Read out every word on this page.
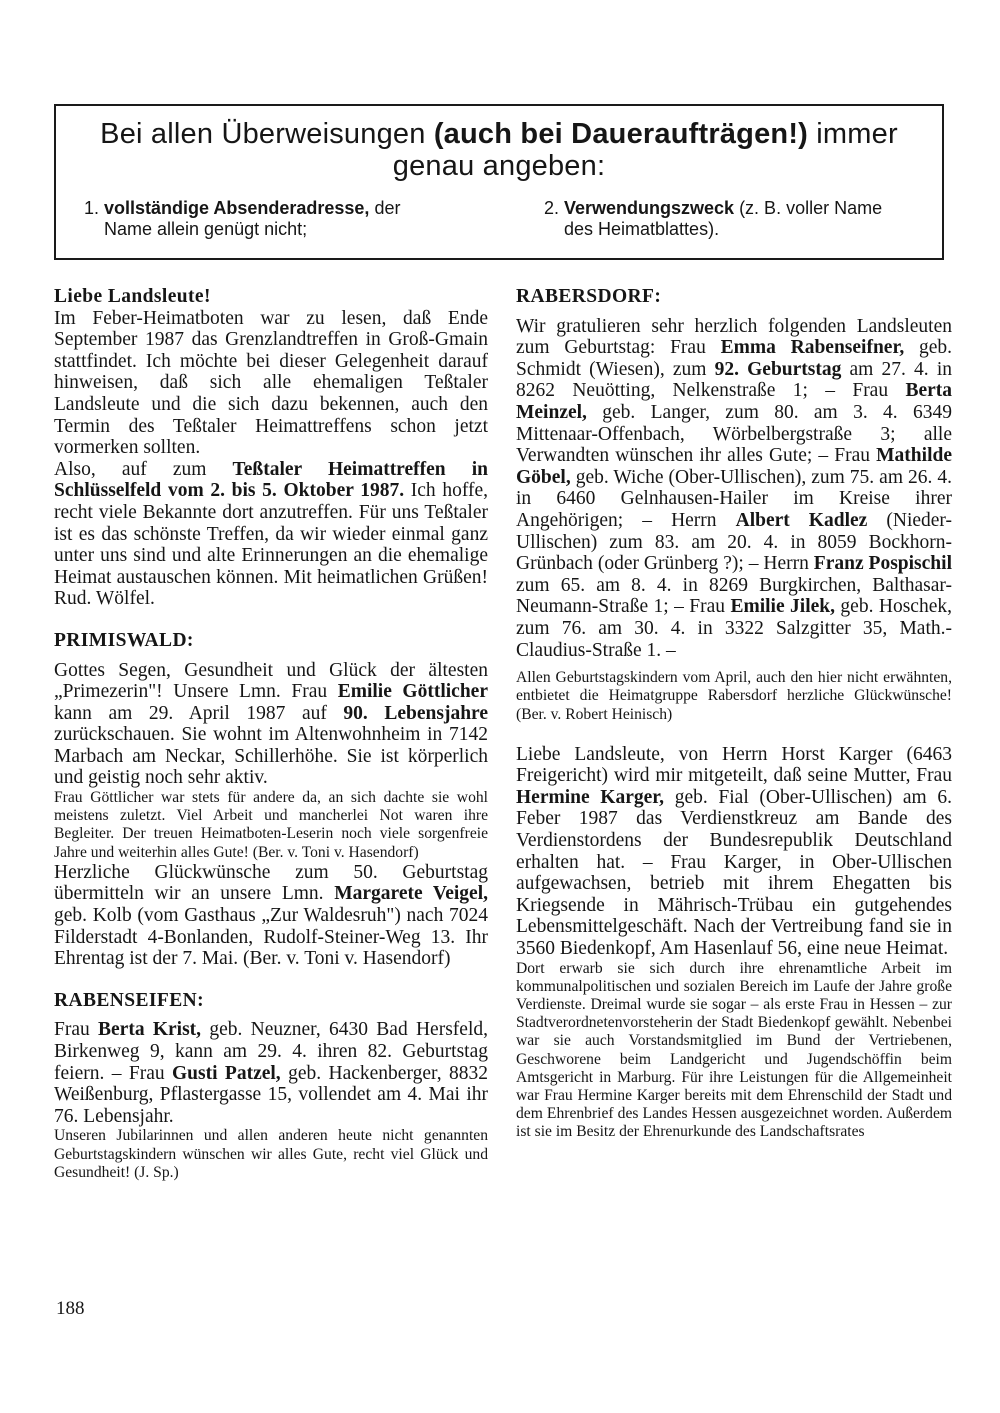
Bei allen Überweisungen (auch bei Daueraufträgen!) immer genau angeben:
1. vollständige Absenderadresse, der
Name allein genügt nicht;
2. Verwendungszweck (z. B. voller Name
des Heimatblattes).

Liebe Landsleute!

Im Feber-Heimatboten war zu lesen, daß Ende September 1987 das Grenzlandtreffen in Groß-Gmain stattfindet. Ich möchte bei dieser Gelegenheit darauf hinweisen, daß sich alle ehemaligen Teßtaler Landsleute und die sich dazu bekennen, auch den Termin des Teßtaler Heimattreffens schon jetzt vormerken sollten.

Also, auf zum Teßtaler Heimattreffen in Schlüsselfeld vom 2. bis 5. Oktober 1987. Ich hoffe, recht viele Bekannte dort anzutreffen. Für uns Teßtaler ist es das schönste Treffen, da wir wieder einmal ganz unter uns sind und alte Erinnerungen an die ehemalige Heimat austauschen können. Mit heimatlichen Grüßen! Rud. Wölfel.

PRIMISWALD:

Gottes Segen, Gesundheit und Glück der ältesten „Primezerin"! Unsere Lmn. Frau Emilie Göttlicher kann am 29. April 1987 auf 90. Lebensjahre zurückschauen. Sie wohnt im Altenwohnheim in 7142 Marbach am Neckar, Schillerhöhe. Sie ist körperlich und geistig noch sehr aktiv.

Frau Göttlicher war stets für andere da, an sich dachte sie wohl meistens zuletzt. Viel Arbeit und mancherlei Not waren ihre Begleiter. Der treuen Heimatboten-Leserin noch viele sorgenfreie Jahre und weiterhin alles Gute! (Ber. v. Toni v. Hasendorf)

Herzliche Glückwünsche zum 50. Geburtstag übermitteln wir an unsere Lmn. Margarete Veigel, geb. Kolb (vom Gasthaus „Zur Waldesruh") nach 7024 Filderstadt 4-Bonlanden, Rudolf-Steiner-Weg 13. Ihr Ehrentag ist der 7. Mai. (Ber. v. Toni v. Hasendorf)

RABENSEIFEN:

Frau Berta Krist, geb. Neuzner, 6430 Bad Hersfeld, Birkenweg 9, kann am 29. 4. ihren 82. Geburtstag feiern. – Frau Gusti Patzel, geb. Hackenberger, 8832 Weißenburg, Pflastergasse 15, vollendet am 4. Mai ihr 76. Lebensjahr.

Unseren Jubilarinnen und allen anderen heute nicht genannten Geburtstagskindern wünschen wir alles Gute, recht viel Glück und Gesundheit! (J. Sp.)

RABERSDORF:

Wir gratulieren sehr herzlich folgenden Landsleuten zum Geburtstag: Frau Emma Rabenseifner, geb. Schmidt (Wiesen), zum 92. Geburtstag am 27. 4. in 8262 Neuötting, Nelkenstraße 1; – Frau Berta Meinzel, geb. Langer, zum 80. am 3. 4. 6349 Mittenaar-Offenbach, Wörbelbergstraße 3; alle Verwandten wünschen ihr alles Gute; – Frau Mathilde Göbel, geb. Wiche (Ober-Ullischen), zum 75. am 26. 4. in 6460 Gelnhausen-Hailer im Kreise ihrer Angehörigen; – Herrn Albert Kadlez (Nieder-Ullischen) zum 83. am 20. 4. in 8059 Bockhorn-Grünbach (oder Grünberg ?); – Herrn Franz Pospischil zum 65. am 8. 4. in 8269 Burgkirchen, Balthasar-Neumann-Straße 1; – Frau Emilie Jilek, geb. Hoschek, zum 76. am 30. 4. in 3322 Salzgitter 35, Math.-Claudius-Straße 1. –

Allen Geburtstagskindern vom April, auch den hier nicht erwähnten, entbietet die Heimatgruppe Rabersdorf herzliche Glückwünsche! (Ber. v. Robert Heinisch)

Liebe Landsleute, von Herrn Horst Karger (6463 Freigericht) wird mir mitgeteilt, daß seine Mutter, Frau Hermine Karger, geb. Fial (Ober-Ullischen) am 6. Feber 1987 das Verdienstkreuz am Bande des Verdienstordens der Bundesrepublik Deutschland erhalten hat. – Frau Karger, in Ober-Ullischen aufgewachsen, betrieb mit ihrem Ehegatten bis Kriegsende in Mährisch-Trübau ein gutgehendes Lebensmittelgeschäft. Nach der Vertreibung fand sie in 3560 Biedenkopf, Am Hasenlauf 56, eine neue Heimat.

Dort erwarb sie sich durch ihre ehrenamtliche Arbeit im kommunalpolitischen und sozialen Bereich im Laufe der Jahre große Verdienste. Dreimal wurde sie sogar – als erste Frau in Hessen – zur Stadtverordnetenvorsteherin der Stadt Biedenkopf gewählt. Nebenbei war sie auch Vorstandsmitglied im Bund der Vertriebenen, Geschworene beim Landgericht und Jugendschöffin beim Amtsgericht in Marburg. Für ihre Leistungen für die Allgemeinheit war Frau Hermine Karger bereits mit dem Ehrenschild der Stadt und dem Ehrenbrief des Landes Hessen ausgezeichnet worden. Außerdem ist sie im Besitz der Ehrenurkunde des Landschaftsrates

188
